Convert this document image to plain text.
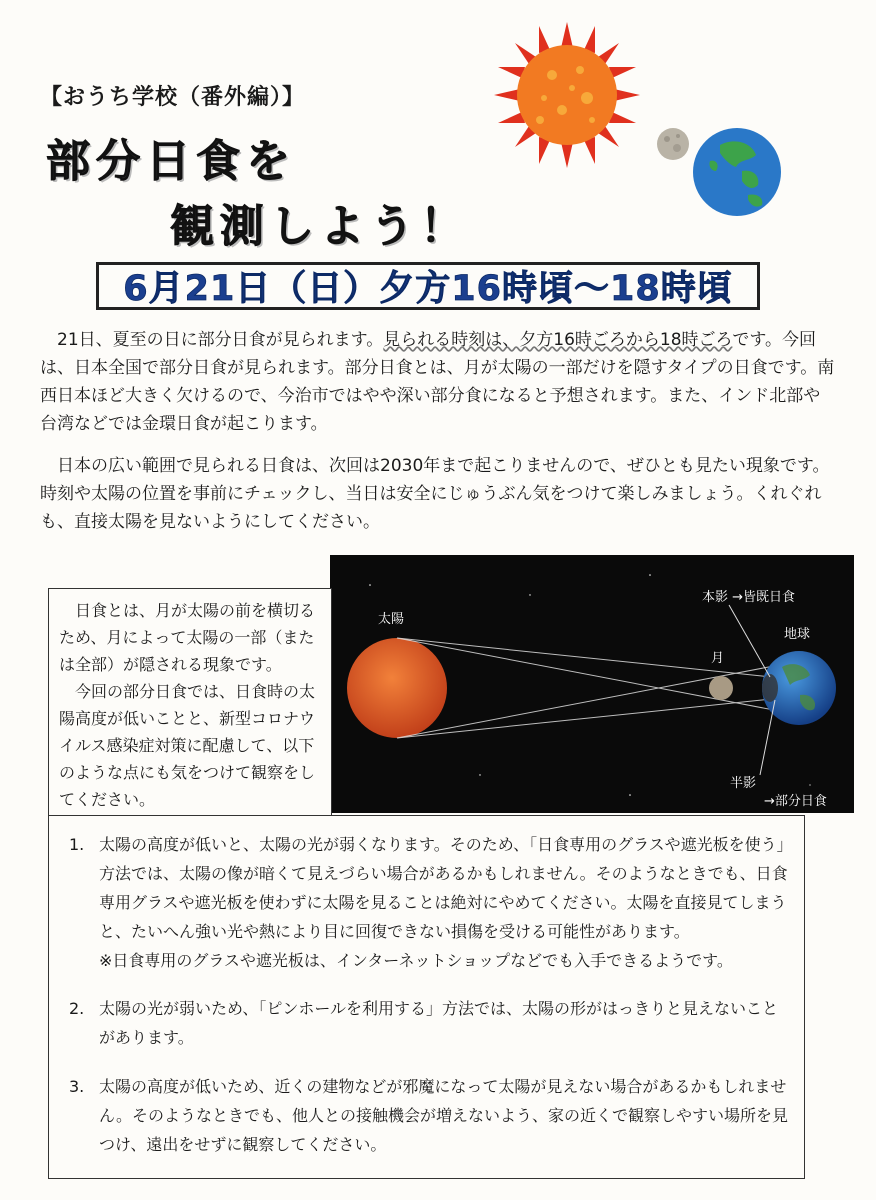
【おうち学校（番外編）】
部分日食を
観測しよう！
6月21日（日）夕方16時頃～18時頃

21日、夏至の日に部分日食が見られます。見られる時刻は、夕方16時ごろから18時ごろです。今回は、日本全国で部分日食が見られます。部分日食とは、月が太陽の一部だけを隠すタイプの日食です。南西日本ほど大きく欠けるので、今治市ではやや深い部分食になると予想されます。また、インド北部や台湾などでは金環日食が起こります。

日本の広い範囲で見られる日食は、次回は2030年まで起こりませんので、ぜひとも見たい現象です。時刻や太陽の位置を事前にチェックし、当日は安全にじゅうぶん気をつけて楽しみましょう。くれぐれも、直接太陽を見ないようにしてください。

太陽
月
地球
本影 →皆既日食
半影
→部分日食

日食とは、月が太陽の前を横切るため、月によって太陽の一部（または全部）が隠される現象です。

今回の部分日食では、日食時の太陽高度が低いことと、新型コロナウイルス感染症対策に配慮して、以下のような点にも気をつけて観察をしてください。

1. 太陽の高度が低いと、太陽の光が弱くなります。そのため、「日食専用のグラスや遮光板を使う」方法では、太陽の像が暗くて見えづらい場合があるかもしれません。そのようなときでも、日食専用グラスや遮光板を使わずに太陽を見ることは絶対にやめてください。太陽を直接見てしまうと、たいへん強い光や熱により目に回復できない損傷を受ける可能性があります。
※日食専用のグラスや遮光板は、インターネットショップなどでも入手できるようです。
2. 太陽の光が弱いため、「ピンホールを利用する」方法では、太陽の形がはっきりと見えないことがあります。
3. 太陽の高度が低いため、近くの建物などが邪魔になって太陽が見えない場合があるかもしれません。そのようなときでも、他人との接触機会が増えないよう、家の近くで観察しやすい場所を見つけ、遠出をせずに観察してください。
